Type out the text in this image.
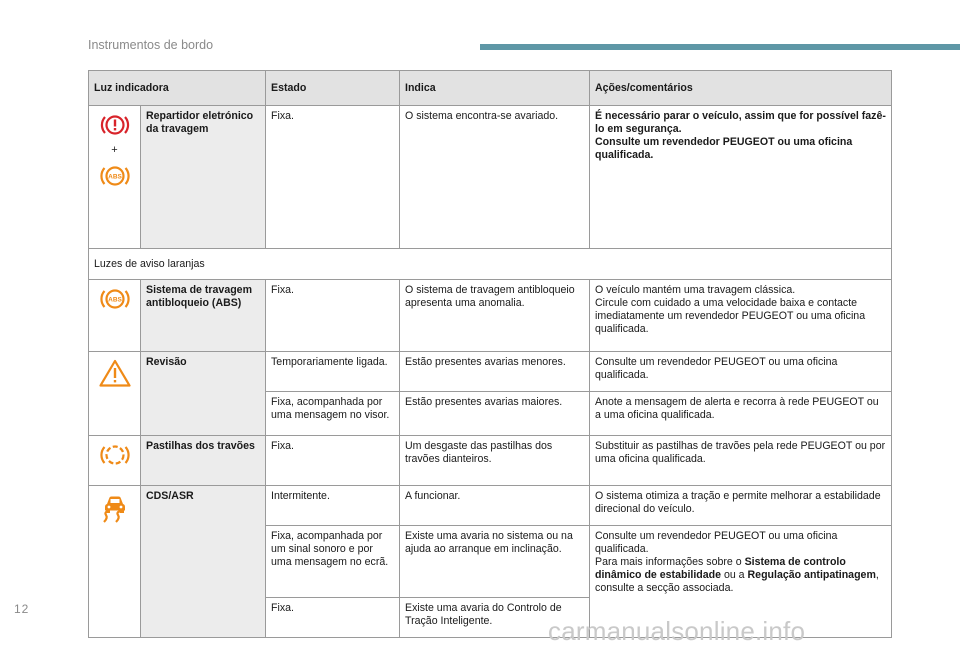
Instrumentos de bordo
Luz indicadora		Estado	Indica	Ações/comentários

+
ABS	Repartidor eletrónico da travagem	Fixa.	O sistema encontra-se avariado.	É necessário parar o veículo, assim que for possível fazê-lo em segurança.
Consulte um revendedor PEUGEOT ou uma oficina qualificada.
Luzes de aviso laranjas				

ABS	Sistema de travagem antibloqueio (ABS)	Fixa.	O sistema de travagem antibloqueio apresenta uma anomalia.	O veículo mantém uma travagem clássica.
Circule com cuidado a uma velocidade baixa e contacte imediatamente um revendedor PEUGEOT ou uma oficina qualificada.

	Revisão	Temporariamente ligada.	Estão presentes avarias menores.	Consulte um revendedor PEUGEOT ou uma oficina qualificada.
		Fixa, acompanhada por uma mensagem no visor.	Estão presentes avarias maiores.	Anote a mensagem de alerta e recorra à rede PEUGEOT ou a uma oficina qualificada.

	Pastilhas dos travões	Fixa.	Um desgaste das pastilhas dos travões dianteiros.	Substituir as pastilhas de travões pela rede PEUGEOT ou por uma oficina qualificada.

	CDS/ASR	Intermitente.	A funcionar.	O sistema otimiza a tração e permite melhorar a estabilidade direcional do veículo.
		Fixa, acompanhada por um sinal sonoro e por uma mensagem no ecrã.	Existe uma avaria no sistema ou na ajuda ao arranque em inclinação.	Consulte um revendedor PEUGEOT ou uma oficina qualificada.
Para mais informações sobre o Sistema de controlo dinâmico de estabilidade ou a Regulação antipatinagem, consulte a secção associada.
		Fixa.	Existe uma avaria do Controlo de Tração Inteligente.	
12
carmanualsonline.info
